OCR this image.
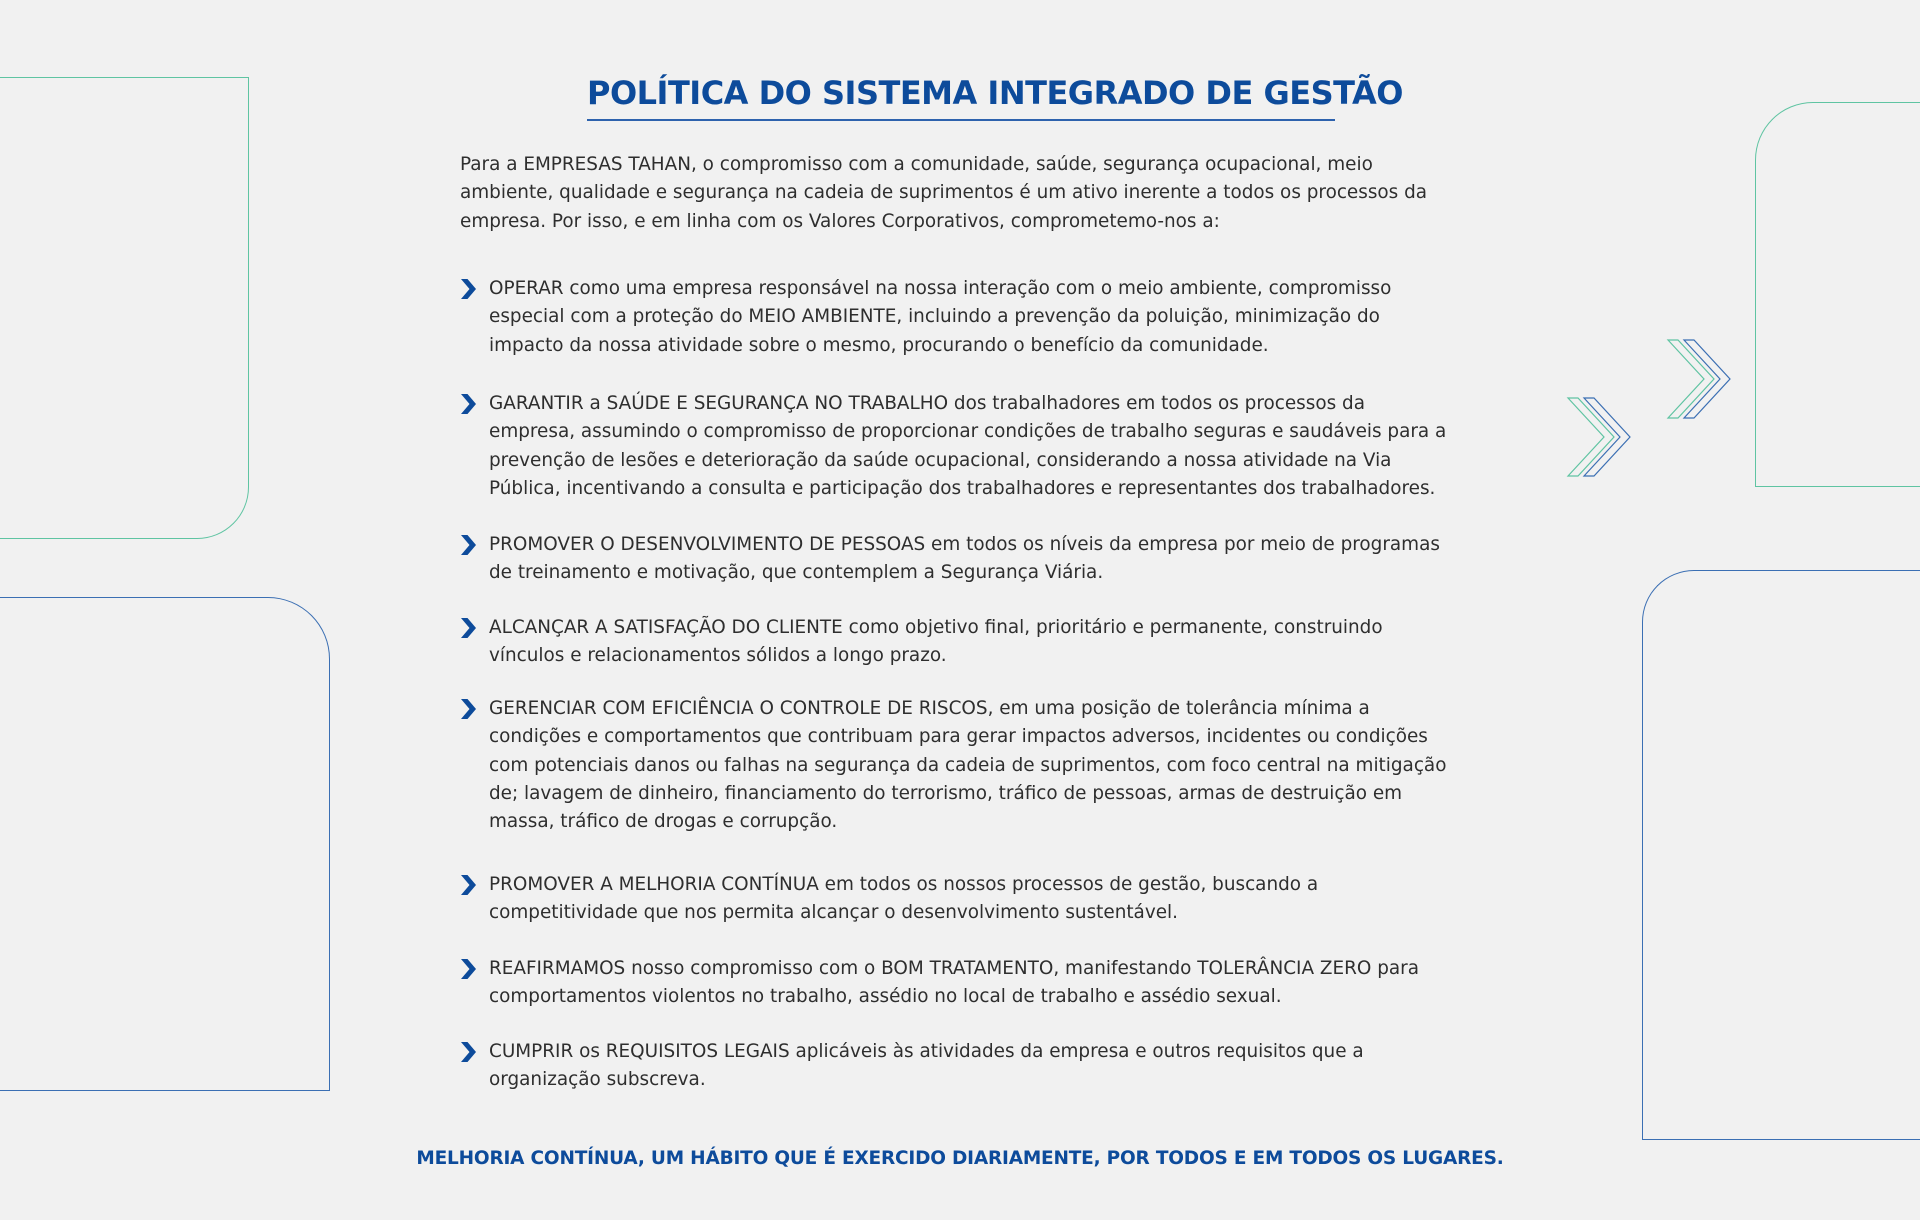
POLÍTICA DO SISTEMA INTEGRADO DE GESTÃO

Para a EMPRESAS TAHAN, o compromisso com a comunidade, saúde, segurança ocupacional, meio ambiente, qualidade e segurança na cadeia de suprimentos é um ativo inerente a todos os processos da empresa. Por isso, e em linha com os Valores Corporativos, comprometemo-nos a:

OPERAR como uma empresa responsável na nossa interação com o meio ambiente, compromisso especial com a proteção do MEIO AMBIENTE, incluindo a prevenção da poluição, minimização do impacto da nossa atividade sobre o mesmo, procurando o benefício da comunidade.
GARANTIR a SAÚDE E SEGURANÇA NO TRABALHO dos trabalhadores em todos os processos da empresa, assumindo o compromisso de proporcionar condições de trabalho seguras e saudáveis para a prevenção de lesões e deterioração da saúde ocupacional, considerando a nossa atividade na Via Pública, incentivando a consulta e participação dos trabalhadores e representantes dos trabalhadores.
PROMOVER O DESENVOLVIMENTO DE PESSOAS em todos os níveis da empresa por meio de programas de treinamento e motivação, que contemplem a Segurança Viária.
ALCANÇAR A SATISFAÇÃO DO CLIENTE como objetivo final, prioritário e permanente, construindo vínculos e relacionamentos sólidos a longo prazo.
GERENCIAR COM EFICIÊNCIA O CONTROLE DE RISCOS, em uma posição de tolerância mínima a condições e comportamentos que contribuam para gerar impactos adversos, incidentes ou condições com potenciais danos ou falhas na segurança da cadeia de suprimentos, com foco central na mitigação de; lavagem de dinheiro, financiamento do terrorismo, tráfico de pessoas, armas de destruição em massa, tráfico de drogas e corrupção.
PROMOVER A MELHORIA CONTÍNUA em todos os nossos processos de gestão, buscando a competitividade que nos permita alcançar o desenvolvimento sustentável.
REAFIRMAMOS nosso compromisso com o BOM TRATAMENTO, manifestando TOLERÂNCIA ZERO para comportamentos violentos no trabalho, assédio no local de trabalho e assédio sexual.
CUMPRIR os REQUISITOS LEGAIS aplicáveis às atividades da empresa e outros requisitos que a organização subscreva.

MELHORIA CONTÍNUA, UM HÁBITO QUE É EXERCIDO DIARIAMENTE, POR TODOS E EM TODOS OS LUGARES.
